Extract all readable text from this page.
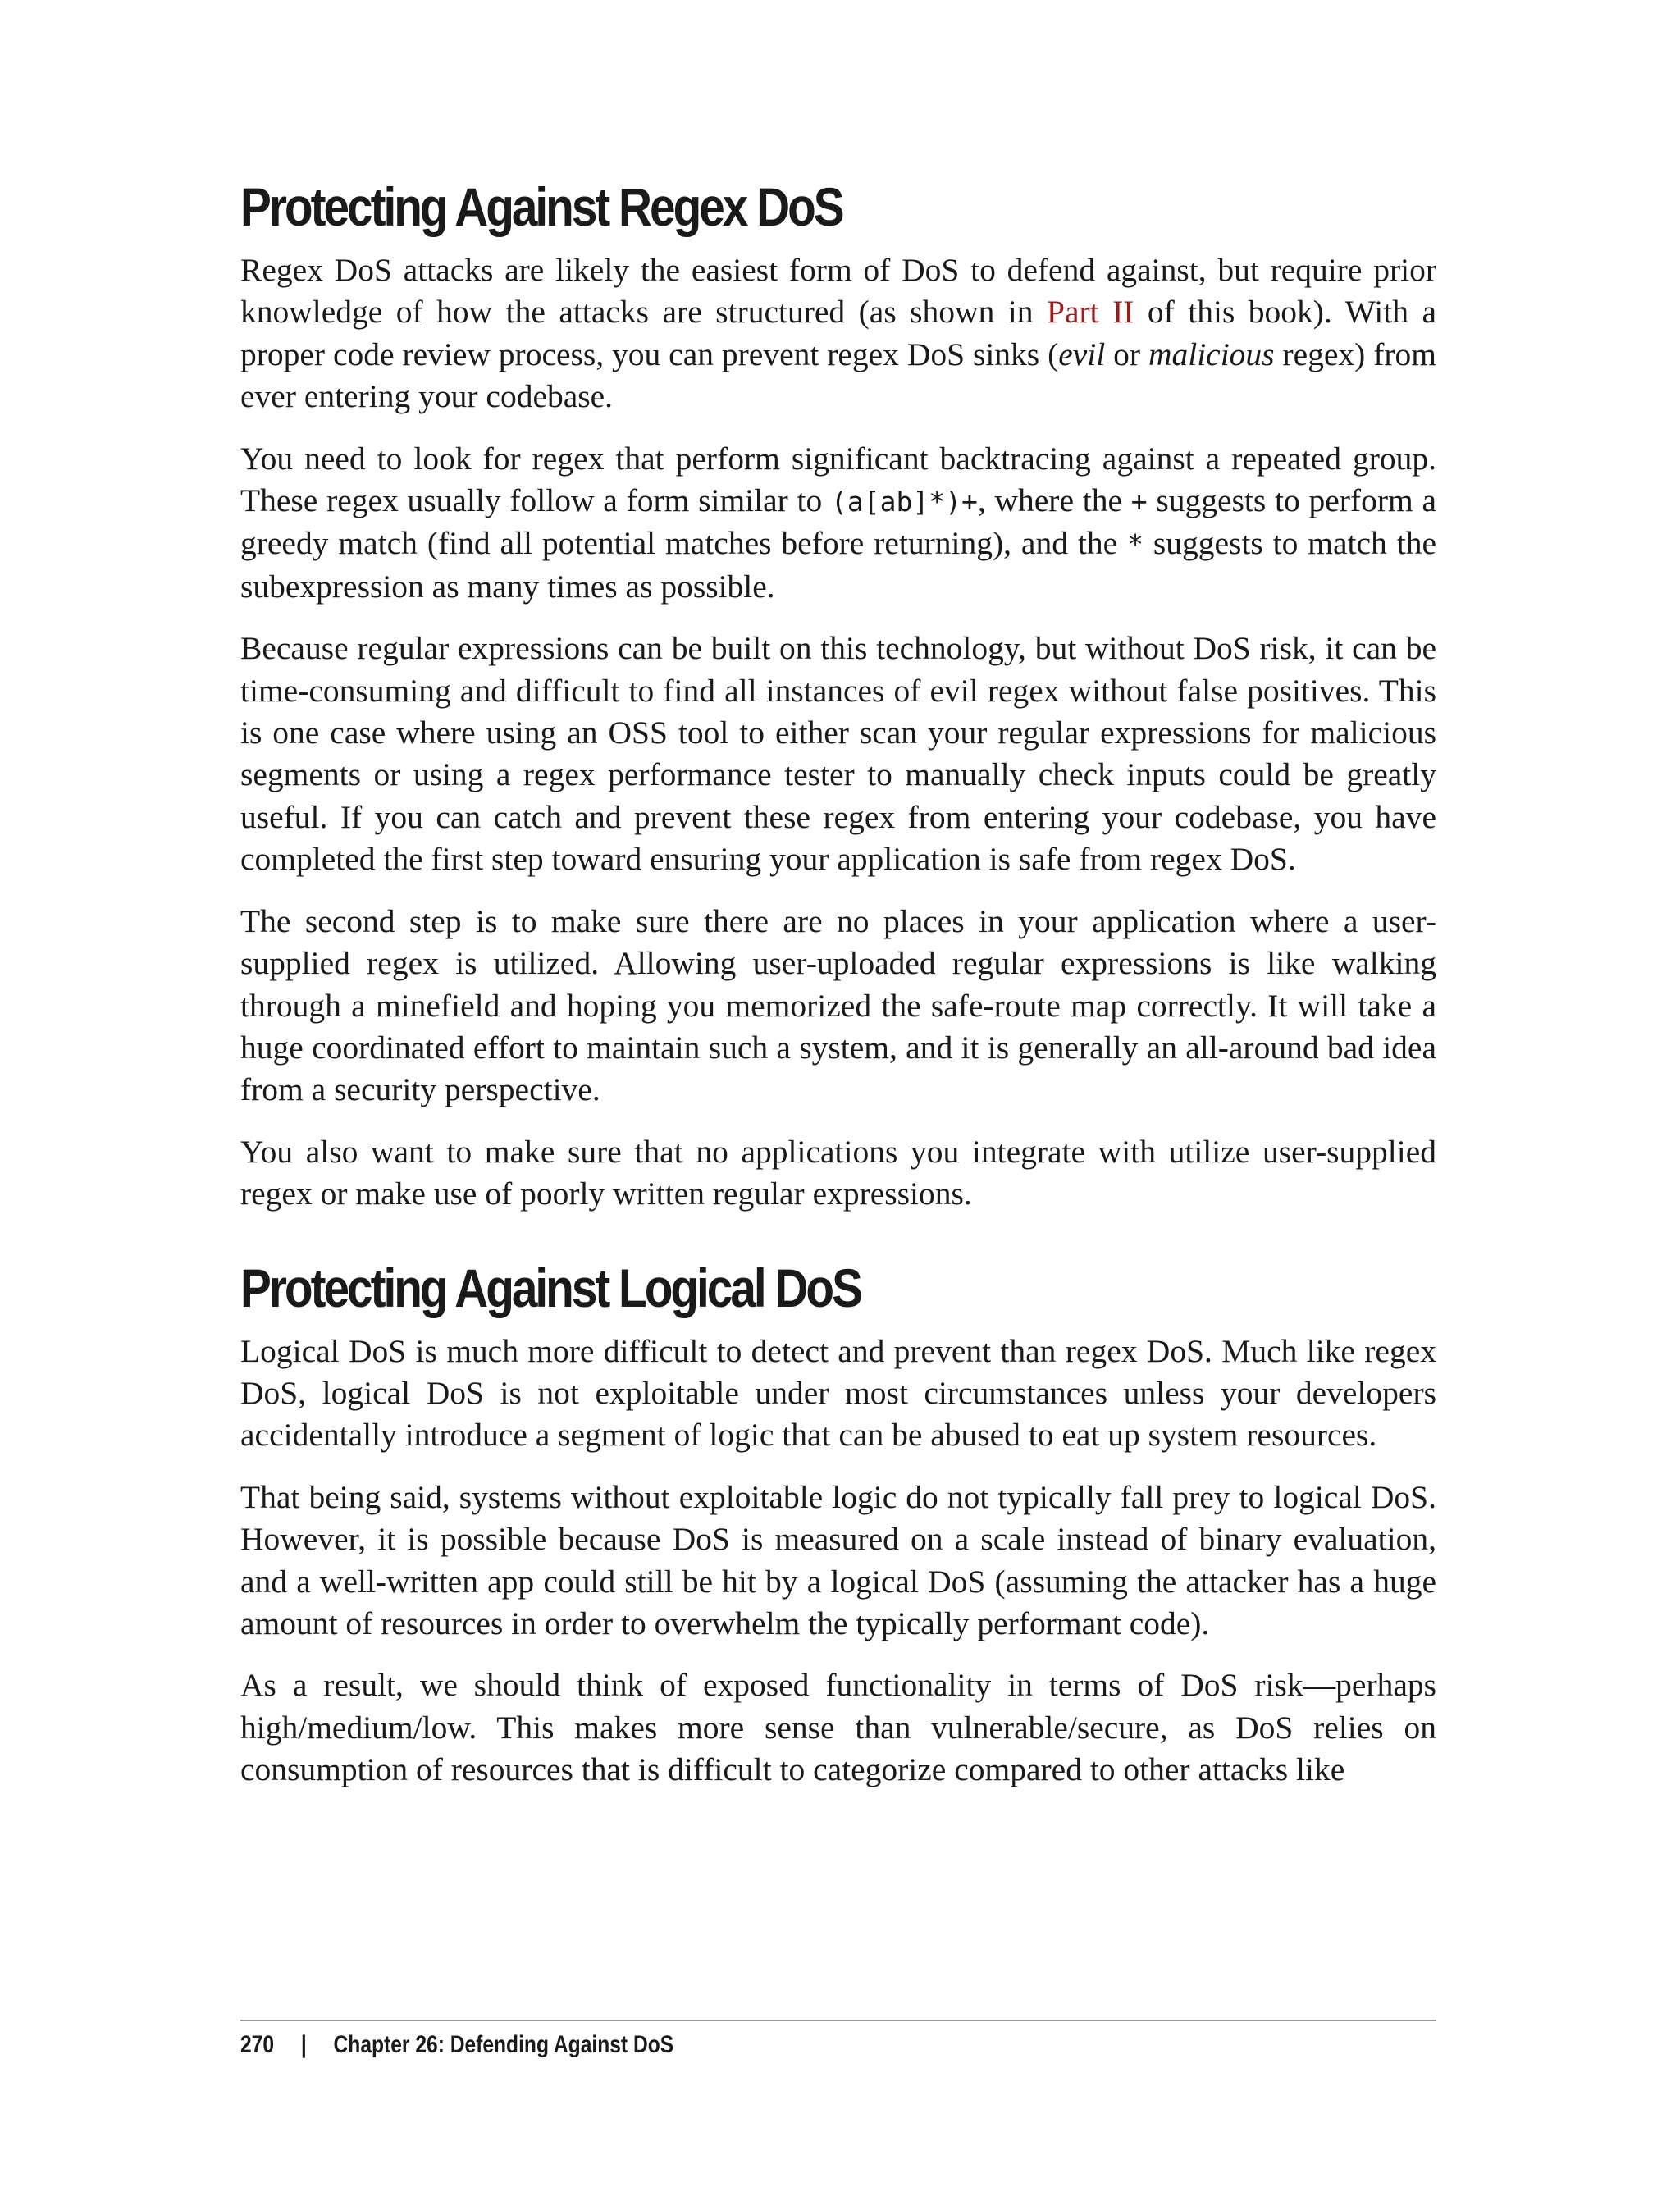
Protecting Against Regex DoS

Regex DoS attacks are likely the easiest form of DoS to defend against, but require prior knowledge of how the attacks are structured (as shown in Part II of this book). With a proper code review process, you can prevent regex DoS sinks (evil or malicious regex) from ever entering your codebase.

You need to look for regex that perform significant backtracing against a repeated group. These regex usually follow a form similar to (a[ab]*)+, where the + suggests to perform a greedy match (find all potential matches before returning), and the * suggests to match the subexpression as many times as possible.

Because regular expressions can be built on this technology, but without DoS risk, it can be time-consuming and difficult to find all instances of evil regex without false positives. This is one case where using an OSS tool to either scan your regular expressions for malicious segments or using a regex performance tester to manually check inputs could be greatly useful. If you can catch and prevent these regex from entering your codebase, you have completed the first step toward ensuring your application is safe from regex DoS.

The second step is to make sure there are no places in your application where a user-supplied regex is utilized. Allowing user-uploaded regular expressions is like walking through a minefield and hoping you memorized the safe-route map correctly. It will take a huge coordinated effort to maintain such a system, and it is generally an all-around bad idea from a security perspective.

You also want to make sure that no applications you integrate with utilize user-supplied regex or make use of poorly written regular expressions.

Protecting Against Logical DoS

Logical DoS is much more difficult to detect and prevent than regex DoS. Much like regex DoS, logical DoS is not exploitable under most circumstances unless your developers accidentally introduce a segment of logic that can be abused to eat up system resources.

That being said, systems without exploitable logic do not typically fall prey to logical DoS. However, it is possible because DoS is measured on a scale instead of binary evaluation, and a well-written app could still be hit by a logical DoS (assuming the attacker has a huge amount of resources in order to overwhelm the typically performant code).

As a result, we should think of exposed functionality in terms of DoS risk—perhaps high/medium/low. This makes more sense than vulnerable/secure, as DoS relies on consumption of resources that is difficult to categorize compared to other attacks like

270 | Chapter 26: Defending Against DoS
